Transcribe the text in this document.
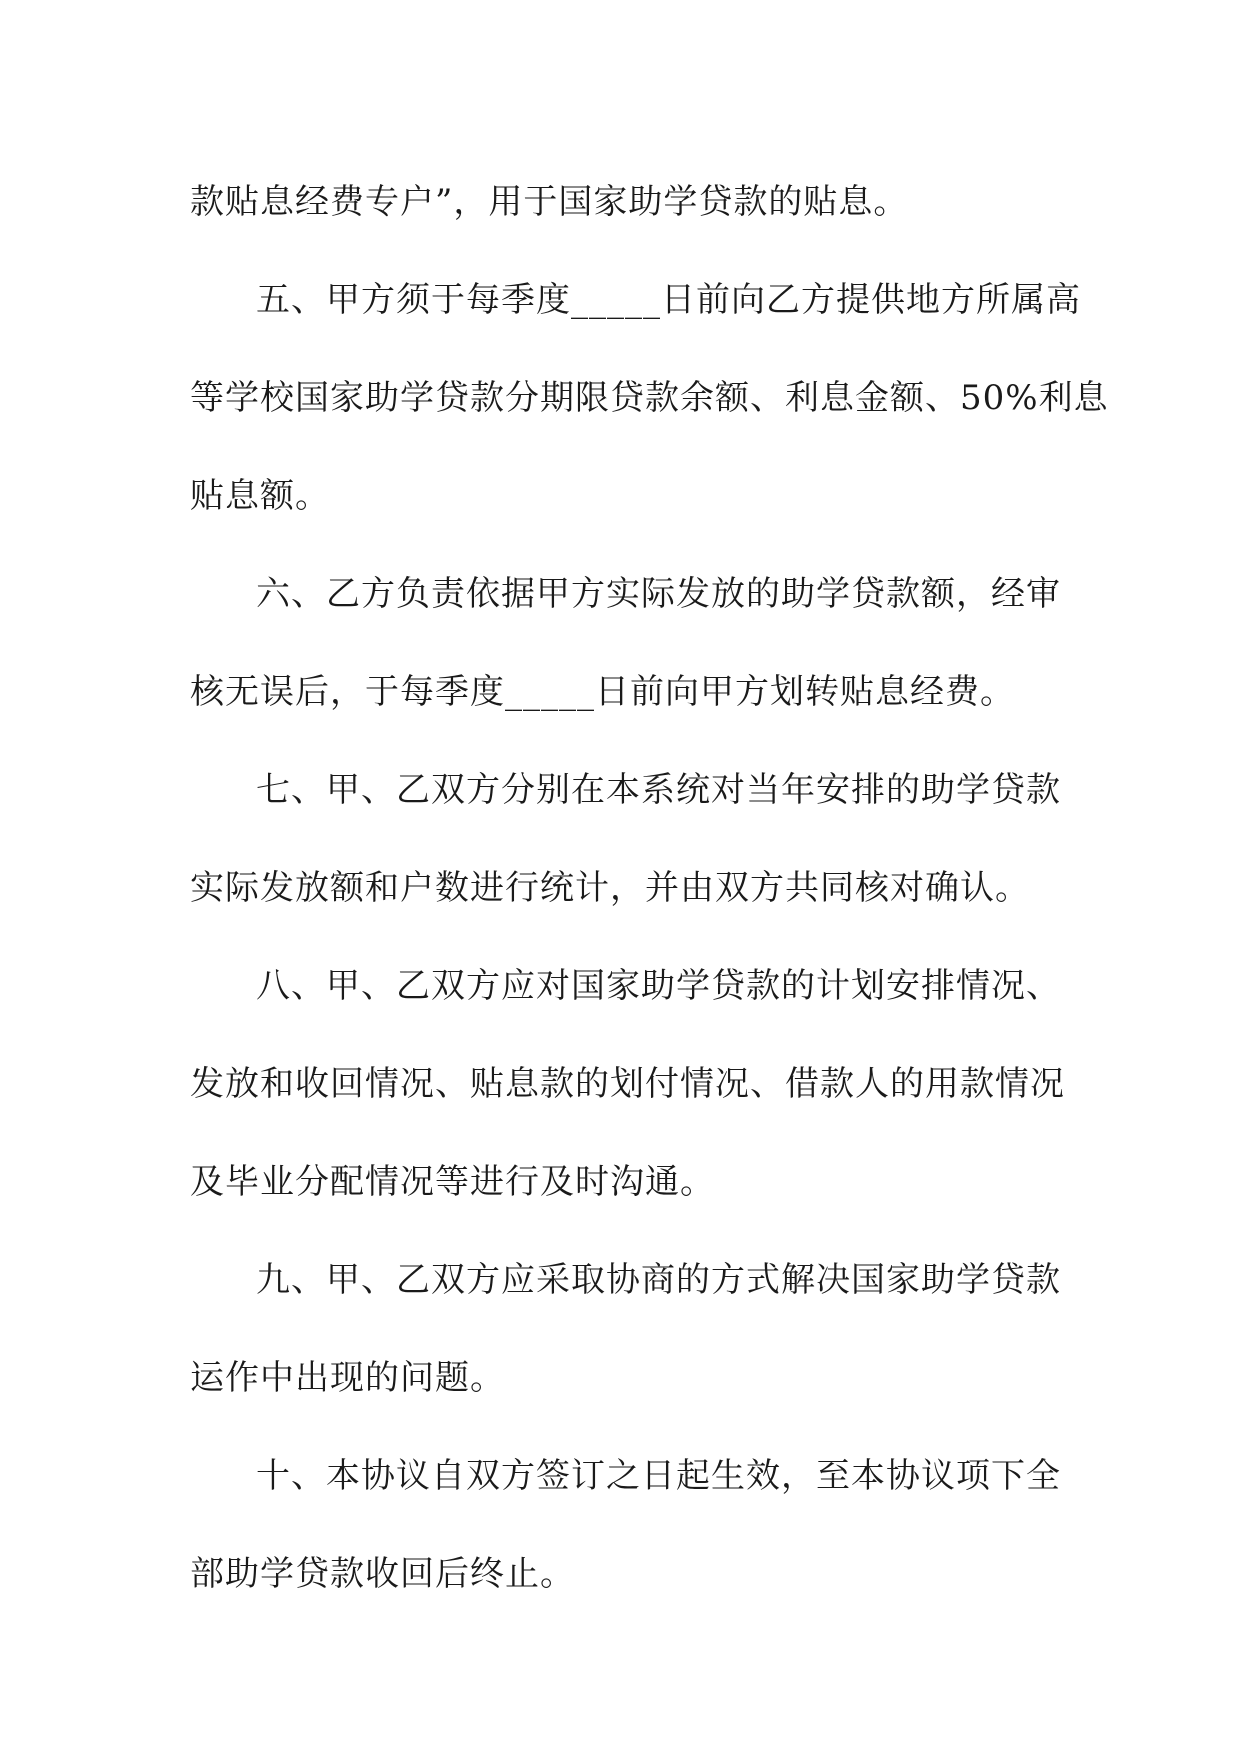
款贴息经费专户”，用于国家助学贷款的贴息。
五、甲方须于每季度_____日前向乙方提供地方所属高
等学校国家助学贷款分期限贷款余额、利息金额、50%利息
贴息额。
六、乙方负责依据甲方实际发放的助学贷款额，经审
核无误后，于每季度_____日前向甲方划转贴息经费。
七、甲、乙双方分别在本系统对当年安排的助学贷款
实际发放额和户数进行统计，并由双方共同核对确认。
八、甲、乙双方应对国家助学贷款的计划安排情况、
发放和收回情况、贴息款的划付情况、借款人的用款情况
及毕业分配情况等进行及时沟通。
九、甲、乙双方应采取协商的方式解决国家助学贷款
运作中出现的问题。
十、本协议自双方签订之日起生效，至本协议项下全
部助学贷款收回后终止。
